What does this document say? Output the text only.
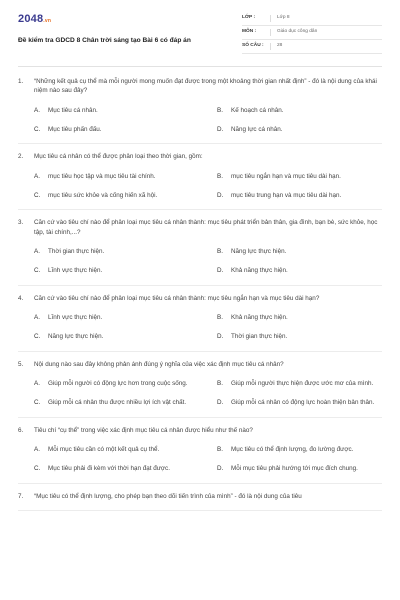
2048.vn
Đề kiểm tra GDCD 8 Chân trời sáng tạo Bài 6 có đáp án
LỚP :	Lớp 8
MÔN :	Giáo dục công dân
SỐ CÂU :	28
1.	“Những kết quả cụ thể mà mỗi người mong muốn đạt được trong một khoảng thời gian nhất định” - đó là nội dung của khái niệm nào sau đây?
A.	Mục tiêu cá nhân.	B.	Kế hoạch cá nhân.
C.	Mục tiêu phấn đấu.	D.	Năng lực cá nhân.
2.	Mục tiêu cá nhân có thể được phân loại theo thời gian, gồm:
A.	mục tiêu học tập và mục tiêu tài chính.	B.	mục tiêu ngắn hạn và mục tiêu dài hạn.
C.	mục tiêu sức khỏe và cống hiến xã hội.	D.	mục tiêu trung hạn và mục tiêu dài hạn.
3.	Căn cứ vào tiêu chí nào để phân loại mục tiêu cá nhân thành: mục tiêu phát triển bản thân, gia đình, bạn bè, sức khỏe, học tập, tài chính,...?
A.	Thời gian thực hiện.	B.	Năng lực thực hiện.
C.	Lĩnh vực thực hiện.	D.	Khả năng thực hiện.
4.	Căn cứ vào tiêu chí nào để phân loại mục tiêu cá nhân thành: mục tiêu ngắn hạn và mục tiêu dài hạn?
A.	Lĩnh vực thực hiện.	B.	Khả năng thực hiện.
C.	Năng lực thực hiện.	D.	Thời gian thực hiện.
5.	Nội dung nào sau đây không phản ánh đúng ý nghĩa của việc xác định mục tiêu cá nhân?
A.	Giúp mỗi người có động lực hơn trong cuộc sống.	B.	Giúp mỗi người thực hiện được ước mơ của mình.
C.	Giúp mỗi cá nhân thu được nhiều lợi ích vật chất.	D.	Giúp mỗi cá nhân có động lực hoàn thiện bản thân.
6.	Tiêu chí “cụ thể” trong việc xác định mục tiêu cá nhân được hiểu như thế nào?
A.	Mỗi mục tiêu cần có một kết quả cụ thể.	B.	Mục tiêu có thể định lượng, đo lường được.
C.	Mục tiêu phải đi kèm với thời hạn đạt được.	D.	Mỗi mục tiêu phải hướng tới mục đích chung.
7.	“Mục tiêu có thể định lượng, cho phép bạn theo dõi tiến trình của mình” - đó là nội dung của tiêu
